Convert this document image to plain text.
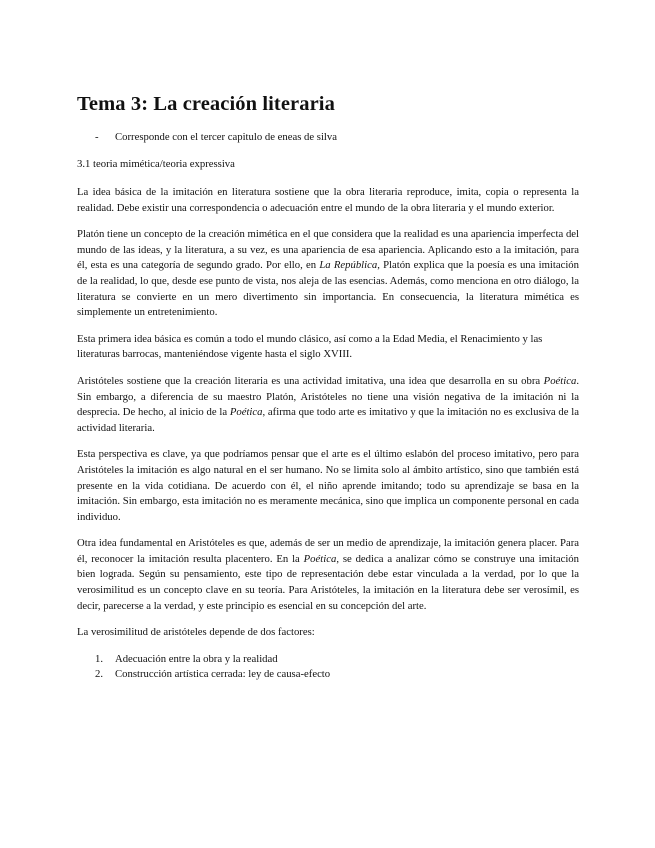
Tema 3: La creación literaria
-	Corresponde con el tercer capitulo de eneas de silva
3.1 teoria mimética/teoria expressiva

La idea básica de la imitación en literatura sostiene que la obra literaria reproduce, imita, copia o representa la realidad. Debe existir una correspondencia o adecuación entre el mundo de la obra literaria y el mundo exterior.

Platón tiene un concepto de la creación mimética en el que considera que la realidad es una apariencia imperfecta del mundo de las ideas, y la literatura, a su vez, es una apariencia de esa apariencia. Aplicando esto a la imitación, para él, esta es una categoría de segundo grado. Por ello, en La República, Platón explica que la poesía es una imitación de la realidad, lo que, desde ese punto de vista, nos aleja de las esencias. Además, como menciona en otro diálogo, la literatura se convierte en un mero divertimento sin importancia. En consecuencia, la literatura mimética es simplemente un entretenimiento.

Esta primera idea básica es común a todo el mundo clásico, así como a la Edad Media, el Renacimiento y las literaturas barrocas, manteniéndose vigente hasta el siglo XVIII.

Aristóteles sostiene que la creación literaria es una actividad imitativa, una idea que desarrolla en su obra Poética. Sin embargo, a diferencia de su maestro Platón, Aristóteles no tiene una visión negativa de la imitación ni la desprecia. De hecho, al inicio de la Poética, afirma que todo arte es imitativo y que la imitación no es exclusiva de la actividad literaria.

Esta perspectiva es clave, ya que podríamos pensar que el arte es el último eslabón del proceso imitativo, pero para Aristóteles la imitación es algo natural en el ser humano. No se limita solo al ámbito artístico, sino que también está presente en la vida cotidiana. De acuerdo con él, el niño aprende imitando; todo su aprendizaje se basa en la imitación. Sin embargo, esta imitación no es meramente mecánica, sino que implica un componente personal en cada individuo.

Otra idea fundamental en Aristóteles es que, además de ser un medio de aprendizaje, la imitación genera placer. Para él, reconocer la imitación resulta placentero. En la Poética, se dedica a analizar cómo se construye una imitación bien lograda. Según su pensamiento, este tipo de representación debe estar vinculada a la verdad, por lo que la verosimilitud es un concepto clave en su teoría. Para Aristóteles, la imitación en la literatura debe ser verosímil, es decir, parecerse a la verdad, y este principio es esencial en su concepción del arte.

La verosimilitud de aristóteles depende de dos factores:

1.	Adecuación entre la obra y la realidad
2.	Construcción artística cerrada: ley de causa-efecto
